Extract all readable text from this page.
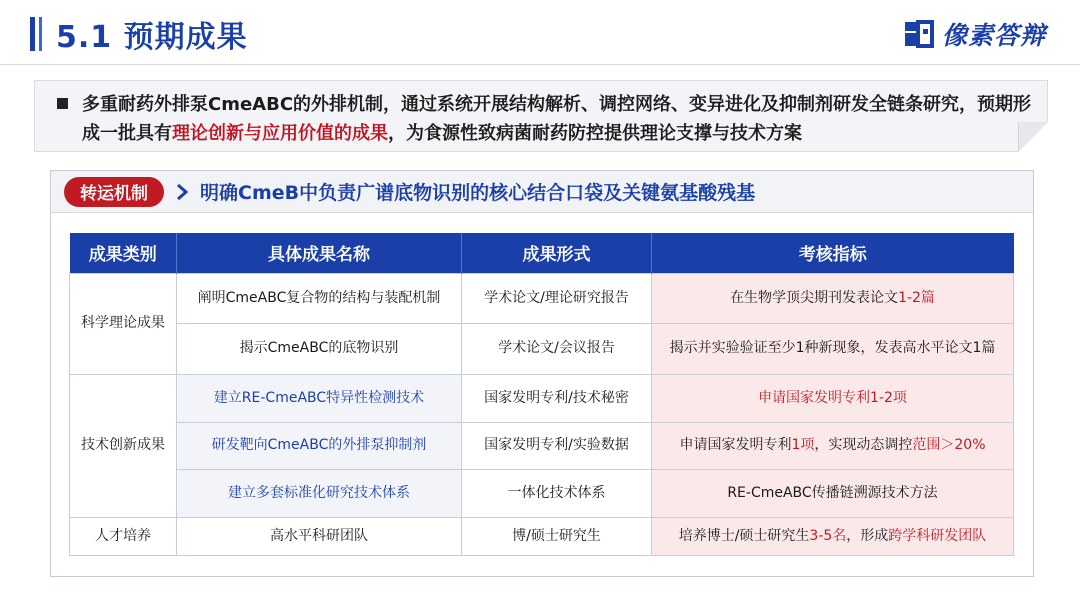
5.1 预期成果	像素答辩
多重耐药外排泵CmeABC的外排机制，通过系统开展结构解析、调控网络、变异进化及抑制剂研发全链条研究，预期形成一批具有理论创新与应用价值的成果，为食源性致病菌耐药防控提供理论支撑与技术方案
转运机制	明确CmeB中负责广谱底物识别的核心结合口袋及关键氨基酸残基
成果类别	具体成果名称	成果形式	考核指标
科学理论成果	阐明CmeABC复合物的结构与装配机制	学术论文/理论研究报告	在生物学顶尖期刊发表论文1-2篇
	揭示CmeABC的底物识别	学术论文/会议报告	揭示并实验验证至少1种新现象，发表高水平论文1篇
技术创新成果	建立RE-CmeABC特异性检测技术	国家发明专利/技术秘密	申请国家发明专利1-2项
	研发靶向CmeABC的外排泵抑制剂	国家发明专利/实验数据	申请国家发明专利1项，实现动态调控范围＞20%
	建立多套标准化研究技术体系	一体化技术体系	RE-CmeABC传播链溯源技术方法
人才培养	高水平科研团队	博/硕士研究生	培养博士/硕士研究生3-5名，形成跨学科研发团队
